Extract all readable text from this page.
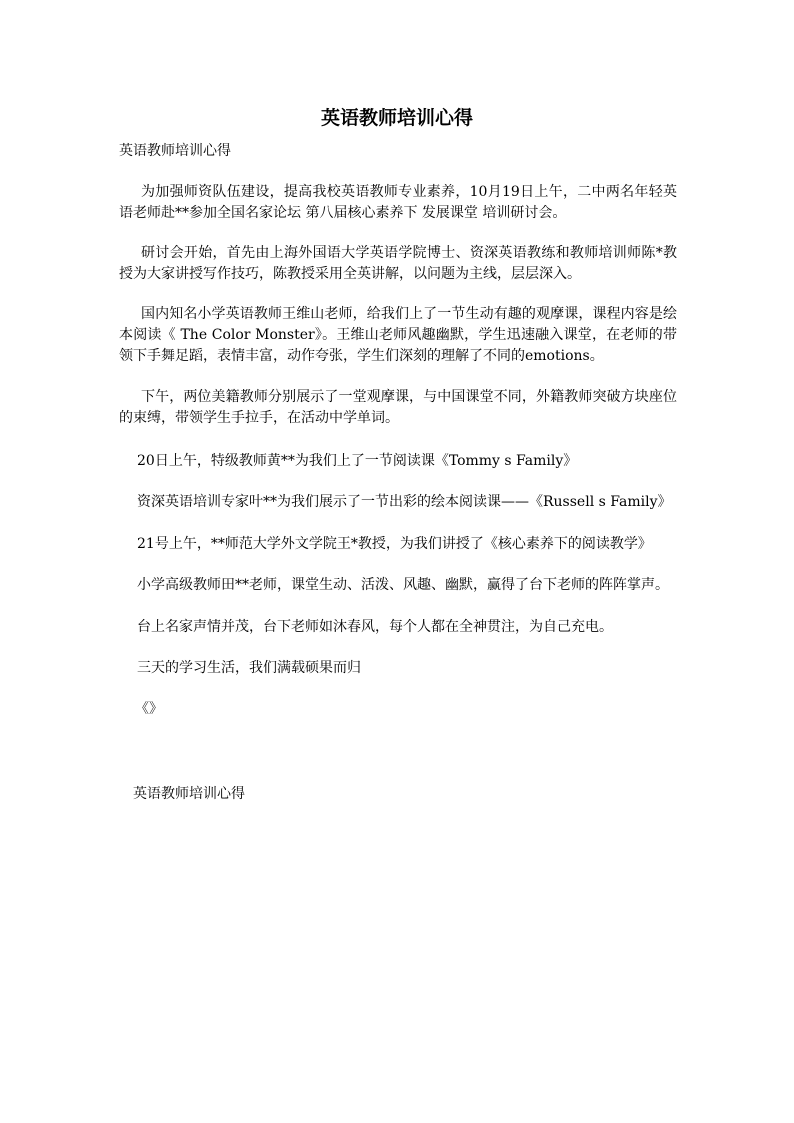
英语教师培训心得

英语教师培训心得

为加强师资队伍建设，提高我校英语教师专业素养，10月19日上午，二中两名年轻英语老师赴**参加全国名家论坛 第八届核心素养下 发展课堂 培训研讨会。

研讨会开始，首先由上海外国语大学英语学院博士、资深英语教练和教师培训师陈*教授为大家讲授写作技巧，陈教授采用全英讲解，以问题为主线，层层深入。

国内知名小学英语教师王维山老师，给我们上了一节生动有趣的观摩课，课程内容是绘本阅读《 The Color Monster》。王维山老师风趣幽默，学生迅速融入课堂，在老师的带领下手舞足蹈，表情丰富，动作夸张，学生们深刻的理解了不同的emotions。

下午，两位美籍教师分别展示了一堂观摩课，与中国课堂不同，外籍教师突破方块座位的束缚，带领学生手拉手，在活动中学单词。

20日上午，特级教师黄**为我们上了一节阅读课《Tommy s Family》

资深英语培训专家叶**为我们展示了一节出彩的绘本阅读课——《Russell s Family》

21号上午，**师范大学外文学院王*教授，为我们讲授了《核心素养下的阅读教学》

小学高级教师田**老师，课堂生动、活泼、风趣、幽默，赢得了台下老师的阵阵掌声。

台上名家声情并茂，台下老师如沐春风，每个人都在全神贯注，为自己充电。

三天的学习生活，我们满载硕果而归

《》

英语教师培训心得
